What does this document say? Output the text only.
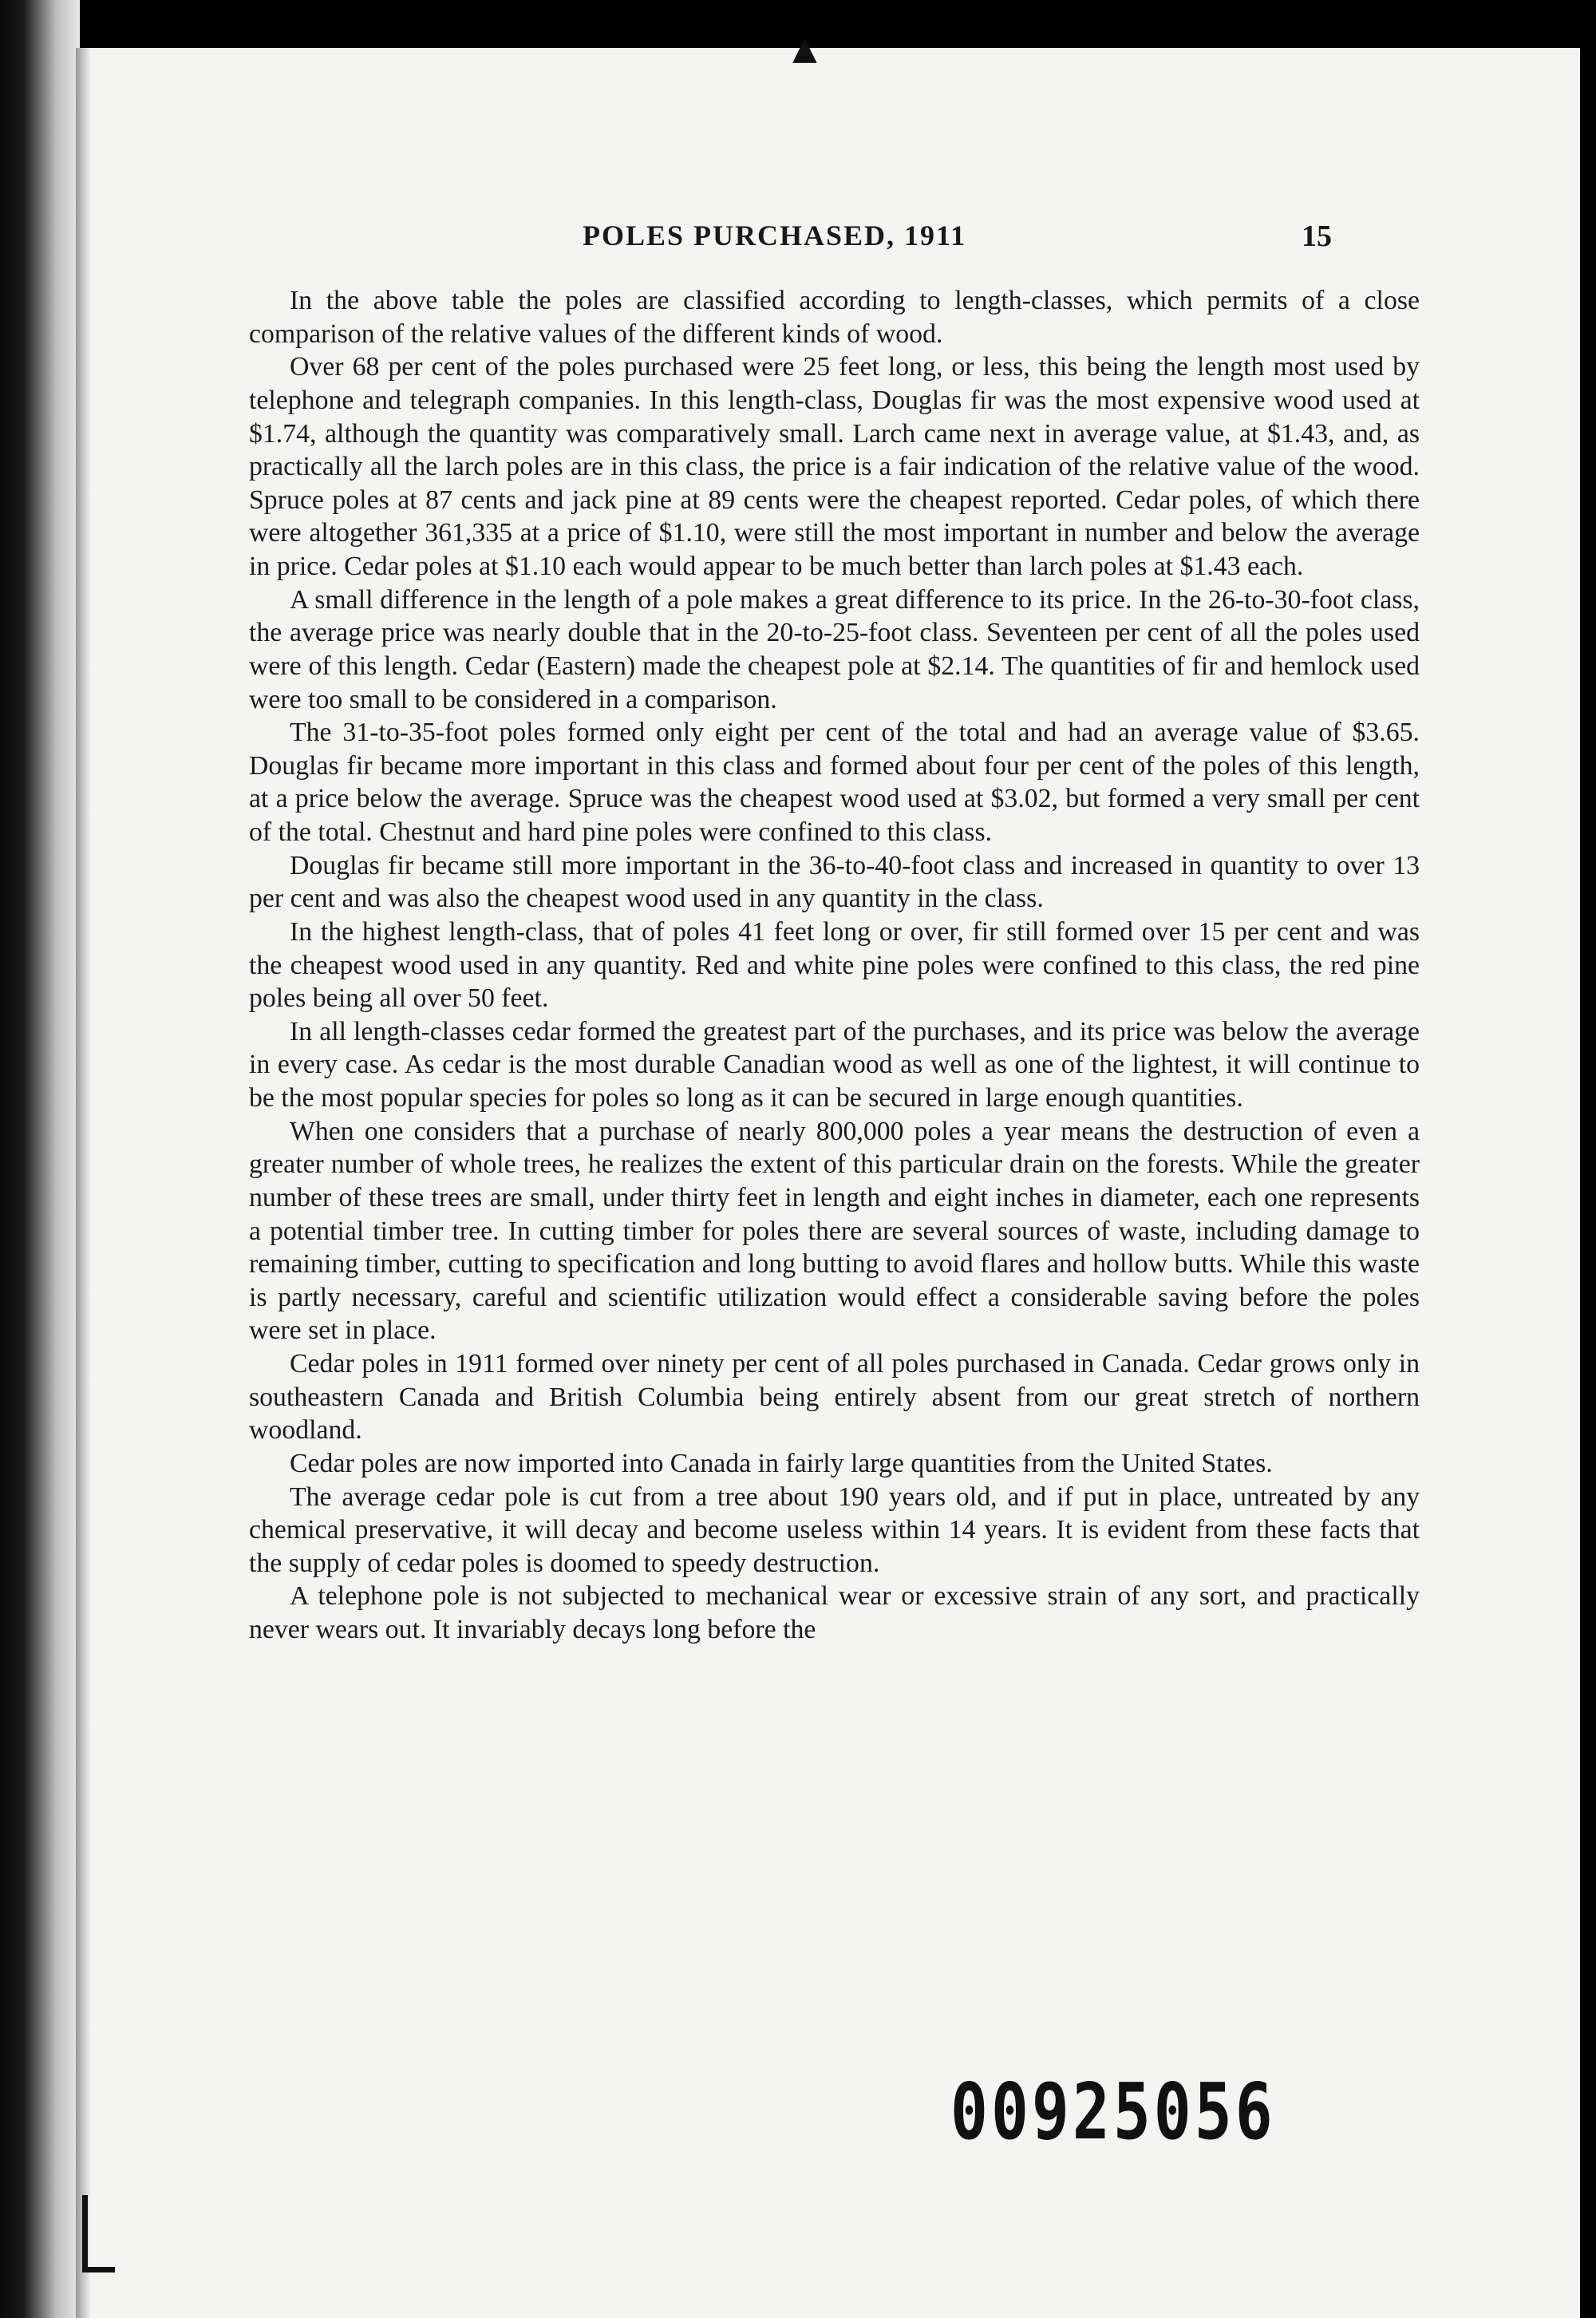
▲
POLES PURCHASED, 1911	15

In the above table the poles are classified according to length-classes, which permits of a close comparison of the relative values of the different kinds of wood.

Over 68 per cent of the poles purchased were 25 feet long, or less, this being the length most used by telephone and telegraph companies. In this length-class, Douglas fir was the most expensive wood used at $1.74, although the quantity was comparatively small. Larch came next in average value, at $1.43, and, as practically all the larch poles are in this class, the price is a fair indication of the relative value of the wood. Spruce poles at 87 cents and jack pine at 89 cents were the cheapest reported. Cedar poles, of which there were altogether 361,335 at a price of $1.10, were still the most important in number and below the average in price. Cedar poles at $1.10 each would appear to be much better than larch poles at $1.43 each.

A small difference in the length of a pole makes a great difference to its price. In the 26-to-30-foot class, the average price was nearly double that in the 20-to-25-foot class. Seventeen per cent of all the poles used were of this length. Cedar (Eastern) made the cheapest pole at $2.14. The quantities of fir and hemlock used were too small to be considered in a comparison.

The 31-to-35-foot poles formed only eight per cent of the total and had an average value of $3.65. Douglas fir became more important in this class and formed about four per cent of the poles of this length, at a price below the average. Spruce was the cheapest wood used at $3.02, but formed a very small per cent of the total. Chestnut and hard pine poles were confined to this class.

Douglas fir became still more important in the 36-to-40-foot class and increased in quantity to over 13 per cent and was also the cheapest wood used in any quantity in the class.

In the highest length-class, that of poles 41 feet long or over, fir still formed over 15 per cent and was the cheapest wood used in any quantity. Red and white pine poles were confined to this class, the red pine poles being all over 50 feet.

In all length-classes cedar formed the greatest part of the purchases, and its price was below the average in every case. As cedar is the most durable Canadian wood as well as one of the lightest, it will continue to be the most popular species for poles so long as it can be secured in large enough quantities.

When one considers that a purchase of nearly 800,000 poles a year means the destruction of even a greater number of whole trees, he realizes the extent of this particular drain on the forests. While the greater number of these trees are small, under thirty feet in length and eight inches in diameter, each one represents a potential timber tree. In cutting timber for poles there are several sources of waste, including damage to remaining timber, cutting to specification and long butting to avoid flares and hollow butts. While this waste is partly necessary, careful and scientific utilization would effect a considerable saving before the poles were set in place.

Cedar poles in 1911 formed over ninety per cent of all poles purchased in Canada. Cedar grows only in southeastern Canada and British Columbia being entirely absent from our great stretch of northern woodland.

Cedar poles are now imported into Canada in fairly large quantities from the United States.

The average cedar pole is cut from a tree about 190 years old, and if put in place, untreated by any chemical preservative, it will decay and become useless within 14 years. It is evident from these facts that the supply of cedar poles is doomed to speedy destruction.

A telephone pole is not subjected to mechanical wear or excessive strain of any sort, and practically never wears out. It invariably decays long before the

00925056
